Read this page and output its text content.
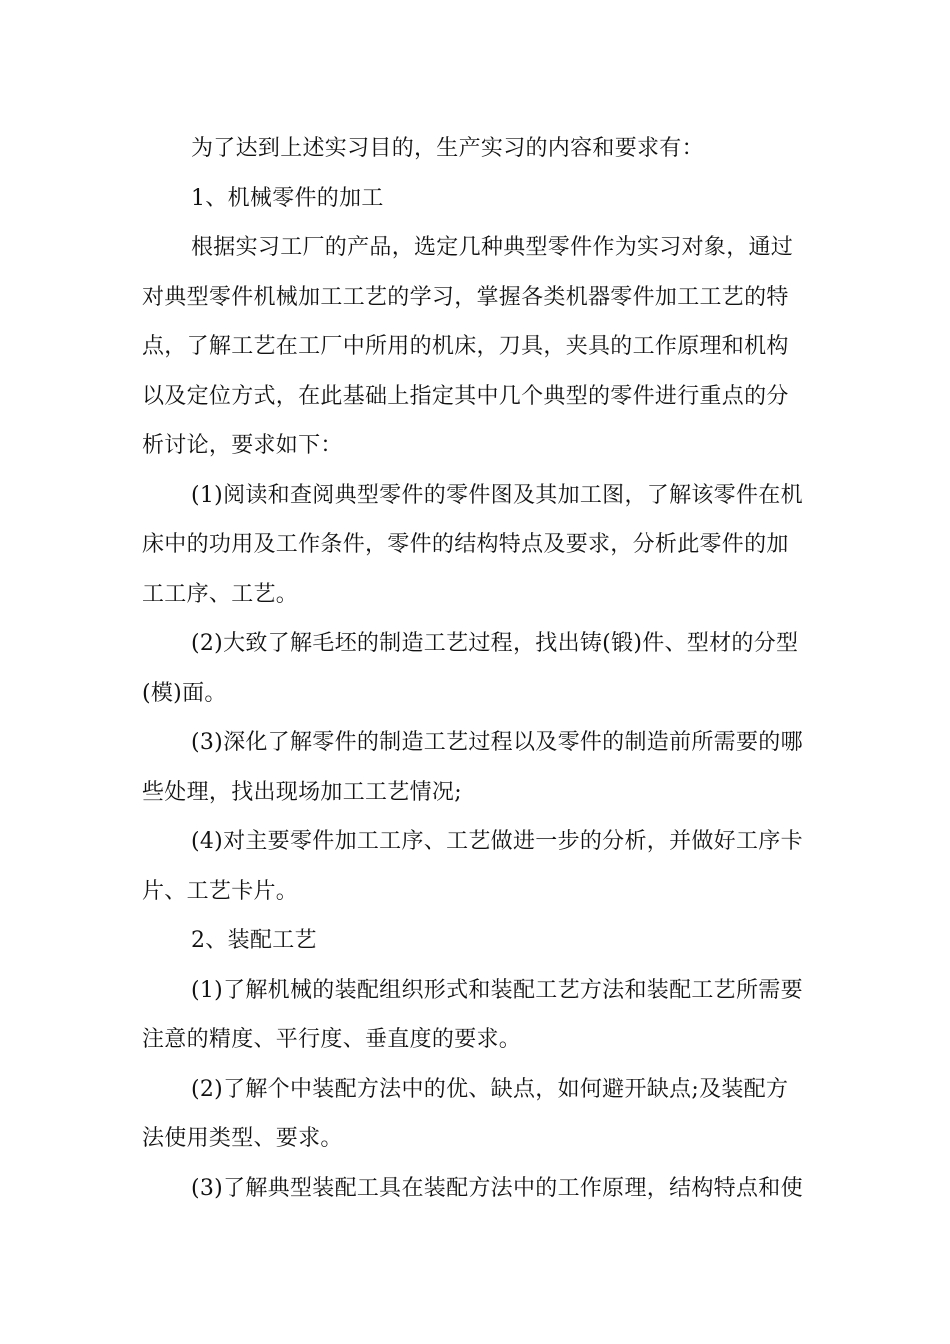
为了达到上述实习目的，生产实习的内容和要求有：

1、机械零件的加工

根据实习工厂的产品，选定几种典型零件作为实习对象，通过
对典型零件机械加工工艺的学习，掌握各类机器零件加工工艺的特
点，了解工艺在工厂中所用的机床，刀具，夹具的工作原理和机构
以及定位方式，在此基础上指定其中几个典型的零件进行重点的分
析讨论，要求如下：

(1)阅读和查阅典型零件的零件图及其加工图，了解该零件在机
床中的功用及工作条件，零件的结构特点及要求，分析此零件的加
工工序、工艺。

(2)大致了解毛坯的制造工艺过程，找出铸(锻)件、型材的分型
(模)面。

(3)深化了解零件的制造工艺过程以及零件的制造前所需要的哪
些处理，找出现场加工工艺情况;

(4)对主要零件加工工序、工艺做进一步的分析，并做好工序卡
片、工艺卡片。

2、装配工艺

(1)了解机械的装配组织形式和装配工艺方法和装配工艺所需要
注意的精度、平行度、垂直度的要求。

(2)了解个中装配方法中的优、缺点，如何避开缺点;及装配方
法使用类型、要求。

(3)了解典型装配工具在装配方法中的工作原理，结构特点和使
